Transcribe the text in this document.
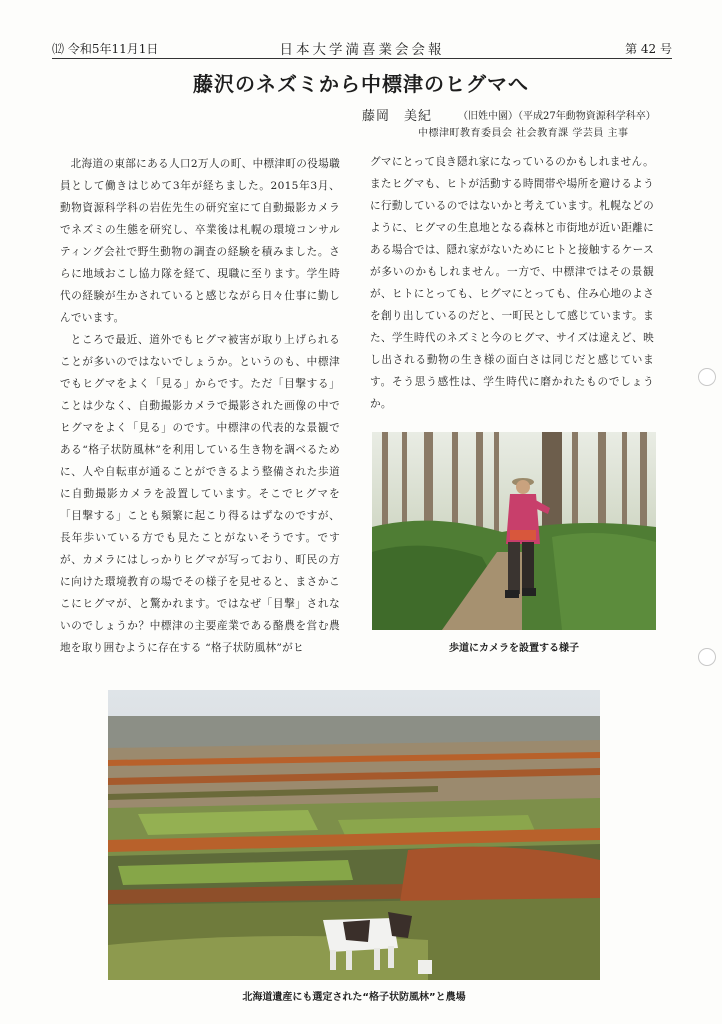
⑿ 令和5年11月1日	日本大学満喜業会会報	第 42 号
藤沢のネズミから中標津のヒグマへ
藤岡　美紀	（旧姓中園）（平成27年動物資源科学科卒）
中標津町教育委員会 社会教育課 学芸員 主事

北海道の東部にある人口2万人の町、中標津町の役場職員として働きはじめて3年が経ちました。2015年3月、動物資源科学科の岩佐先生の研究室にて自動撮影カメラでネズミの生態を研究し、卒業後は札幌の環境コンサルティング会社で野生動物の調査の経験を積みました。さらに地域おこし協力隊を経て、現職に至ります。学生時代の経験が生かされていると感じながら日々仕事に勤しんでいます。

ところで最近、道外でもヒグマ被害が取り上げられることが多いのではないでしょうか。というのも、中標津でもヒグマをよく「見る」からです。ただ「目撃する」ことは少なく、自動撮影カメラで撮影された画像の中でヒグマをよく「見る」のです。中標津の代表的な景観である“格子状防風林”を利用している生き物を調べるために、人や自転車が通ることができるよう整備された歩道に自動撮影カメラを設置しています。そこでヒグマを「目撃する」ことも頻繁に起こり得るはずなのですが、長年歩いている方でも見たことがないそうです。ですが、カメラにはしっかりヒグマが写っており、町民の方に向けた環境教育の場でその様子を見せると、まさかここにヒグマが、と驚かれます。ではなぜ「目撃」されないのでしょうか？中標津の主要産業である酪農を営む農地を取り囲むように存在する “格子状防風林”がヒ

グマにとって良き隠れ家になっているのかもしれません。またヒグマも、ヒトが活動する時間帯や場所を避けるように行動しているのではないかと考えています。札幌などのように、ヒグマの生息地となる森林と市街地が近い距離にある場合では、隠れ家がないためにヒトと接触するケースが多いのかもしれません。一方で、中標津ではその景観が、ヒトにとっても、ヒグマにとっても、住み心地のよさを創り出しているのだと、一町民として感じています。また、学生時代のネズミと今のヒグマ、サイズは違えど、映し出される動物の生き様の面白さは同じだと感じています。そう思う感性は、学生時代に磨かれたものでしょうか。

歩道にカメラを設置する様子
北海道遺産にも選定された“格子状防風林”と農場
